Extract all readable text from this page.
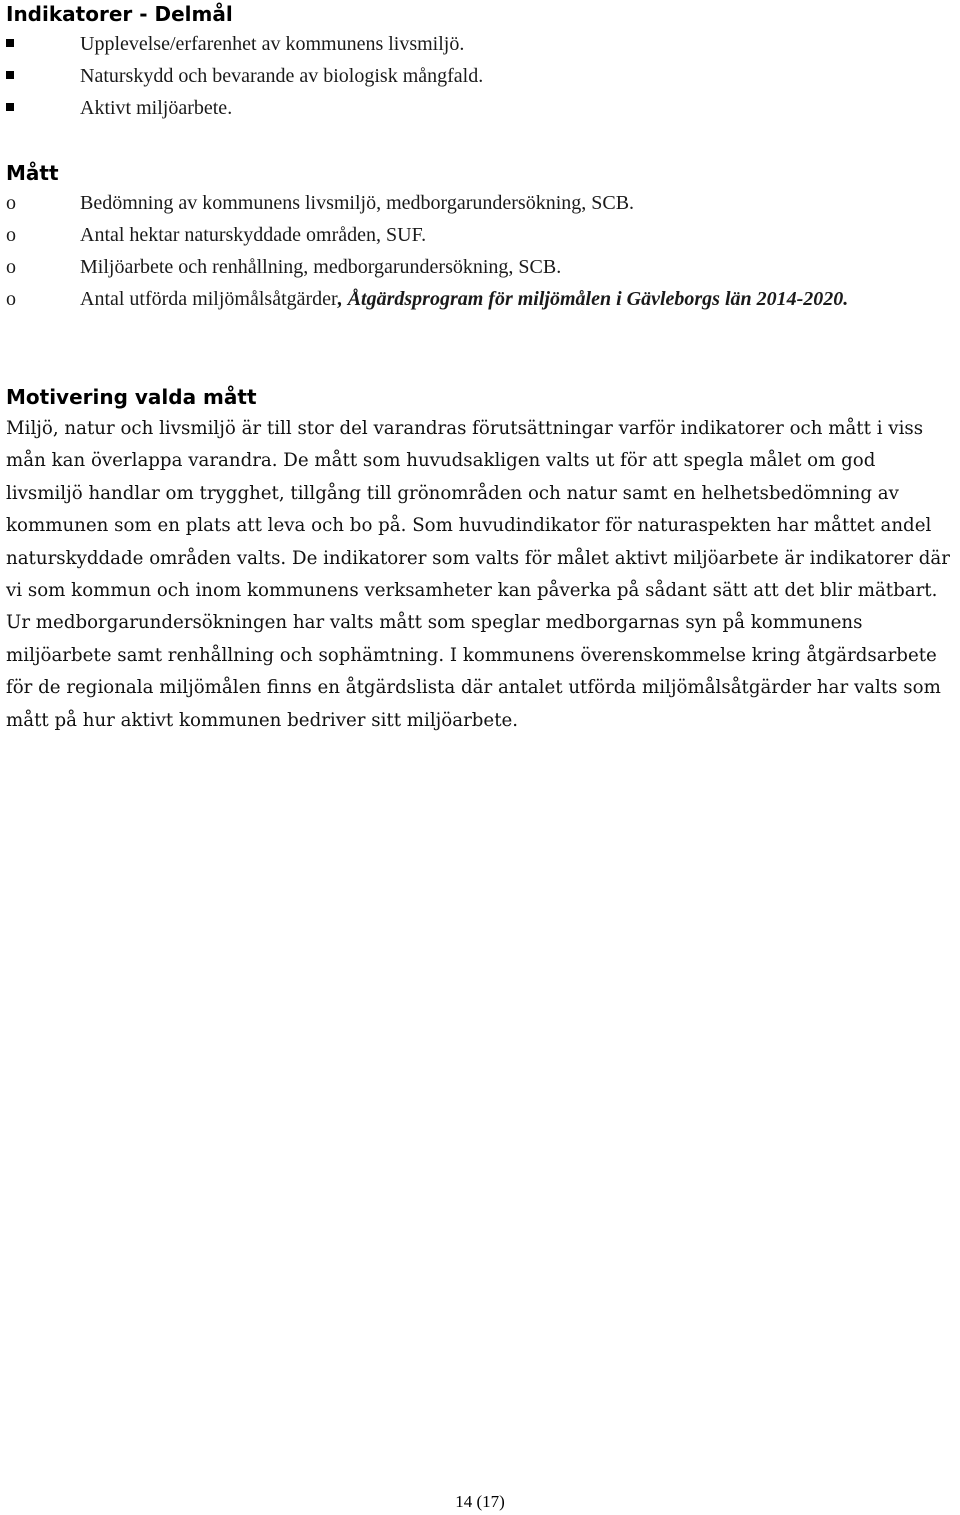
Indikatorer - Delmål
Upplevelse/erfarenhet av kommunens livsmiljö.
Naturskydd och bevarande av biologisk mångfald.
Aktivt miljöarbete.
Mått
o	Bedömning av kommunens livsmiljö, medborgarundersökning, SCB.
o	Antal hektar naturskyddade områden, SUF.
o	Miljöarbete och renhållning, medborgarundersökning, SCB.
o	Antal utförda miljömålsåtgärder, Åtgärdsprogram för miljömålen i Gävleborgs län 2014-2020.
Motivering valda mått

Miljö, natur och livsmiljö är till stor del varandras förutsättningar varför indikatorer och mått i viss mån kan överlappa varandra. De mått som huvudsakligen valts ut för att spegla målet om god livsmiljö handlar om trygghet, tillgång till grönområden och natur samt en helhetsbedömning av kommunen som en plats att leva och bo på. Som huvudindikator för naturaspekten har måttet andel naturskyddade områden valts. De indikatorer som valts för målet aktivt miljöarbete är indikatorer där vi som kommun och inom kommunens verksamheter kan påverka på sådant sätt att det blir mätbart. Ur medborgarundersökningen har valts mått som speglar medborgarnas syn på kommunens miljöarbete samt renhållning och sophämtning. I kommunens överenskommelse kring åtgärdsarbete för de regionala miljömålen finns en åtgärdslista där antalet utförda miljömålsåtgärder har valts som mått på hur aktivt kommunen bedriver sitt miljöarbete.

14 (17)
